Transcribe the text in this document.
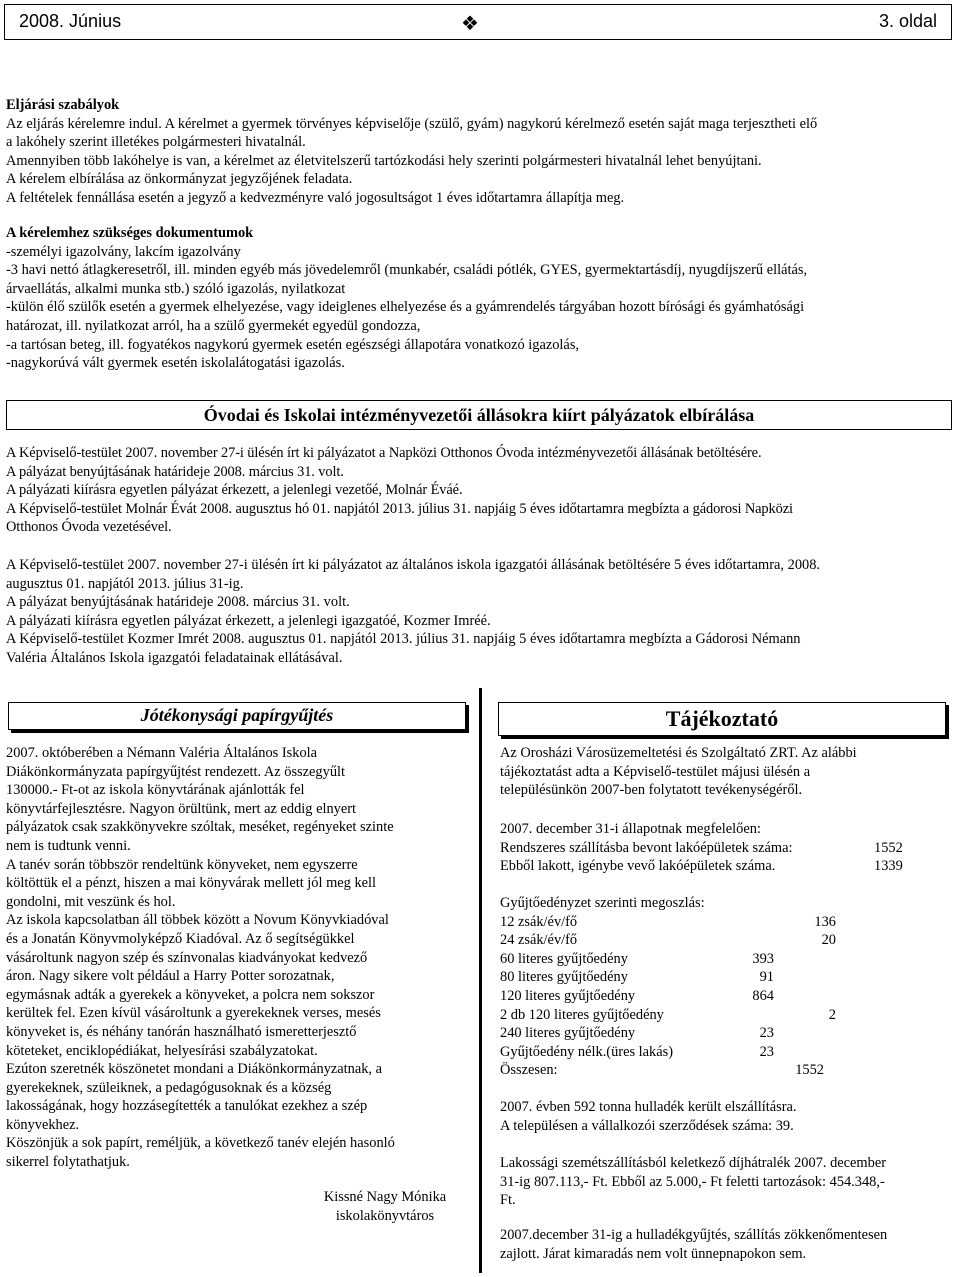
2008. Június	❖	3. oldal

Eljárási szabályok

Az eljárás kérelemre indul. A kérelmet a gyermek törvényes képviselője (szülő, gyám) nagykorú kérelmező esetén saját maga terjesztheti elő

a lakóhely szerint illetékes polgármesteri hivatalnál.

Amennyiben több lakóhelye is van, a kérelmet az életvitelszerű tartózkodási hely szerinti polgármesteri hivatalnál lehet benyújtani.

A kérelem elbírálása az önkormányzat jegyzőjének feladata.

A feltételek fennállása esetén a jegyző a kedvezményre való jogosultságot 1 éves időtartamra állapítja meg.

A kérelemhez szükséges dokumentumok

-személyi igazolvány, lakcím igazolvány

-3 havi nettó átlagkeresetről, ill. minden egyéb más jövedelemről (munkabér, családi pótlék, GYES, gyermektartásdíj, nyugdíjszerű ellátás,

árvaellátás, alkalmi munka stb.) szóló igazolás, nyilatkozat

-külön élő szülők esetén a gyermek elhelyezése, vagy ideiglenes elhelyezése és a gyámrendelés tárgyában hozott bírósági és gyámhatósági

határozat, ill. nyilatkozat arról, ha a szülő gyermekét egyedül gondozza,

-a tartósan beteg, ill. fogyatékos nagykorú gyermek esetén egészségi állapotára vonatkozó igazolás,

-nagykorúvá vált gyermek esetén iskolalátogatási igazolás.

Óvodai és Iskolai intézményvezetői állásokra kiírt pályázatok elbírálása

A Képviselő-testület 2007. november 27-i ülésén írt ki pályázatot a Napközi Otthonos Óvoda intézményvezetői állásának betöltésére.

A pályázat benyújtásának határideje 2008. március 31. volt.

A pályázati kiírásra egyetlen pályázat érkezett, a jelenlegi vezetőé, Molnár Éváé.

A Képviselő-testület Molnár Évát 2008. augusztus hó 01. napjától 2013. július 31. napjáig 5 éves időtartamra megbízta a gádorosi Napközi

Otthonos Óvoda vezetésével.

A Képviselő-testület 2007. november 27-i ülésén írt ki pályázatot az általános iskola igazgatói állásának betöltésére 5 éves időtartamra, 2008.

augusztus 01. napjától 2013. július 31-ig.

A pályázat benyújtásának határideje 2008. március 31. volt.

A pályázati kiírásra egyetlen pályázat érkezett, a jelenlegi igazgatóé, Kozmer Imréé.

A Képviselő-testület Kozmer Imrét 2008. augusztus 01. napjától 2013. július 31. napjáig 5 éves időtartamra megbízta a Gádorosi Némann

Valéria Általános Iskola igazgatói feladatainak ellátásával.

Jótékonysági papírgyűjtés

2007. októberében a Némann Valéria Általános Iskola

Diákönkormányzata papírgyűjtést rendezett. Az összegyűlt

130000.- Ft-ot az iskola könyvtárának ajánlották fel

könyvtárfejlesztésre. Nagyon örültünk, mert az eddig elnyert

pályázatok csak szakkönyvekre szóltak, meséket, regényeket szinte

nem is tudtunk venni.

A tanév során többször rendeltünk könyveket, nem egyszerre

költöttük el a pénzt, hiszen a mai könyvárak mellett jól meg kell

gondolni, mit veszünk és hol.

Az iskola kapcsolatban áll többek között a Novum Könyvkiadóval

és a Jonatán Könyvmolyképző Kiadóval. Az ő segítségükkel

vásároltunk nagyon szép és színvonalas kiadványokat kedvező

áron. Nagy sikere volt például a Harry Potter sorozatnak,

egymásnak adták a gyerekek a könyveket, a polcra nem sokszor

kerültek fel. Ezen kívül vásároltunk a gyerekeknek verses, mesés

könyveket is, és néhány tanórán használható ismeretterjesztő

köteteket, enciklopédiákat, helyesírási szabályzatokat.

Ezúton szeretnék köszönetet mondani a Diákönkormányzatnak, a

gyerekeknek, szüleiknek, a pedagógusoknak és a község

lakosságának, hogy hozzásegítették a tanulókat ezekhez a szép

könyvekhez.

Köszönjük a sok papírt, reméljük, a következő tanév elején hasonló

sikerrel folytathatjuk.

Kissné Nagy Mónika

iskolakönyvtáros

Tájékoztató

Az Orosházi Városüzemeltetési és Szolgáltató ZRT. Az alábbi

tájékoztatást adta a Képviselő-testület májusi ülésén a

településünkön 2007-ben folytatott tevékenységéről.

2007. december 31-i állapotnak megfelelően:

Rendszeres szállításba bevont lakóépületek száma:	1552
Ebből lakott, igénybe vevő lakóépületek száma.	1339

Gyűjtőedényzet szerinti megoszlás:

12 zsák/év/fő	136
24 zsák/év/fő	20
60 literes gyűjtőedény	393
80 literes gyűjtőedény	91
120 literes gyűjtőedény	864
2 db 120 literes gyűjtőedény	2
240 literes gyűjtőedény	23
Gyűjtőedény nélk.(üres lakás)	23
Összesen:	1552

2007. évben 592 tonna hulladék került elszállításra.

A településen a vállalkozói szerződések száma: 39.

Lakossági szemétszállításból keletkező díjhátralék 2007. december

31-ig 807.113,- Ft. Ebből az 5.000,- Ft feletti tartozások: 454.348,-

Ft.

2007.december 31-ig a hulladékgyűjtés, szállítás zökkenőmentesen

zajlott. Járat kimaradás nem volt ünnepnapokon sem.
